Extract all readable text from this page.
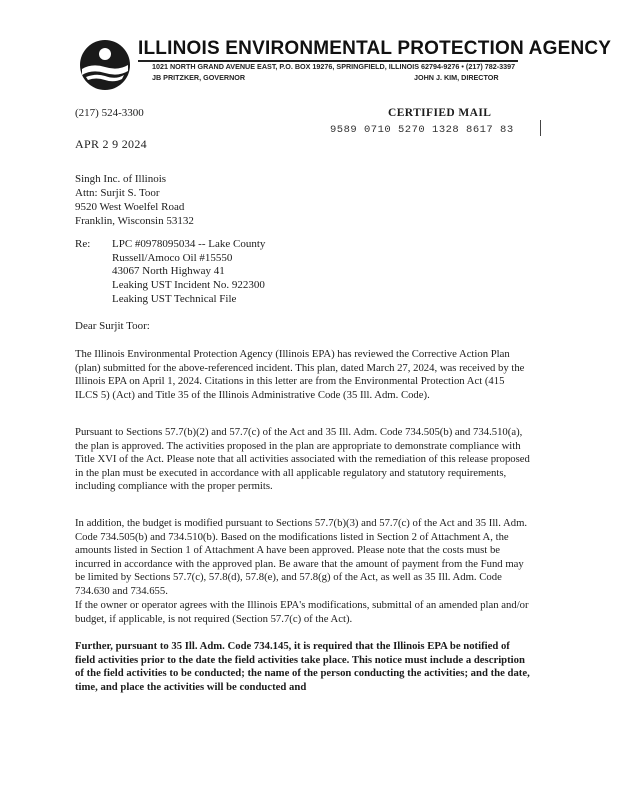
ILLINOIS ENVIRONMENTAL PROTECTION AGENCY
1021 NORTH GRAND AVENUE EAST, P.O. BOX 19276, SPRINGFIELD, ILLINOIS 62794-9276 • (217) 782-3397
JB PRITZKER, GOVERNOR	JOHN J. KIM, DIRECTOR
(217) 524-3300	CERTIFIED MAIL
9589 0710 5270 1328 8617 83
APR 2 9 2024
Singh Inc. of Illinois
Attn: Surjit S. Toor
9520 West Woelfel Road
Franklin, Wisconsin 53132
Re: LPC #0978095034 -- Lake County
Russell/Amoco Oil #15550
43067 North Highway 41
Leaking UST Incident No. 922300
Leaking UST Technical File
Dear Surjit Toor:
The Illinois Environmental Protection Agency (Illinois EPA) has reviewed the Corrective Action Plan (plan) submitted for the above-referenced incident. This plan, dated March 27, 2024, was received by the Illinois EPA on April 1, 2024. Citations in this letter are from the Environmental Protection Act (415 ILCS 5) (Act) and Title 35 of the Illinois Administrative Code (35 Ill. Adm. Code).
Pursuant to Sections 57.7(b)(2) and 57.7(c) of the Act and 35 Ill. Adm. Code 734.505(b) and 734.510(a), the plan is approved. The activities proposed in the plan are appropriate to demonstrate compliance with Title XVI of the Act. Please note that all activities associated with the remediation of this release proposed in the plan must be executed in accordance with all applicable regulatory and statutory requirements, including compliance with the proper permits.
In addition, the budget is modified pursuant to Sections 57.7(b)(3) and 57.7(c) of the Act and 35 Ill. Adm. Code 734.505(b) and 734.510(b). Based on the modifications listed in Section 2 of Attachment A, the amounts listed in Section 1 of Attachment A have been approved. Please note that the costs must be incurred in accordance with the approved plan. Be aware that the amount of payment from the Fund may be limited by Sections 57.7(c), 57.8(d), 57.8(e), and 57.8(g) of the Act, as well as 35 Ill. Adm. Code 734.630 and 734.655.
If the owner or operator agrees with the Illinois EPA's modifications, submittal of an amended plan and/or budget, if applicable, is not required (Section 57.7(c) of the Act).
Further, pursuant to 35 Ill. Adm. Code 734.145, it is required that the Illinois EPA be notified of field activities prior to the date the field activities take place. This notice must include a description of the field activities to be conducted; the name of the person conducting the activities; and the date, time, and place the activities will be conducted and
